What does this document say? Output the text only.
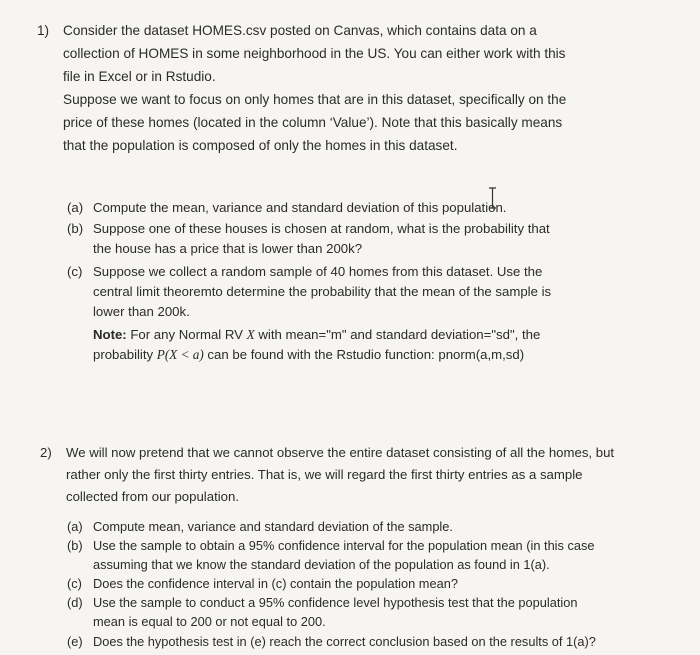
1) Consider the dataset HOMES.csv posted on Canvas, which contains data on a
collection of HOMES in some neighborhood in the US. You can either work with this
file in Excel or in Rstudio.
Suppose we want to focus on only homes that are in this dataset, specifically on the
price of these homes (located in the column ‘Value’). Note that this basically means
that the population is composed of only the homes in this dataset.
(a) Compute the mean, variance and standard deviation of this population.
(b) Suppose one of these houses is chosen at random, what is the probability that
the house has a price that is lower than 200k?
(c) Suppose we collect a random sample of 40 homes from this dataset. Use the
central limit theoremto determine the probability that the mean of the sample is
lower than 200k.
Note: For any Normal RV X with mean="m" and standard deviation="sd", the
probability P(X < a) can be found with the Rstudio function: pnorm(a,m,sd)
2) We will now pretend that we cannot observe the entire dataset consisting of all the homes, but
rather only the first thirty entries. That is, we will regard the first thirty entries as a sample
collected from our population.
(a) Compute mean, variance and standard deviation of the sample.
(b) Use the sample to obtain a 95% confidence interval for the population mean (in this case
assuming that we know the standard deviation of the population as found in 1(a).
(c) Does the confidence interval in (c) contain the population mean?
(d) Use the sample to conduct a 95% confidence level hypothesis test that the population
mean is equal to 200 or not equal to 200.
(e) Does the hypothesis test in (e) reach the correct conclusion based on the results of 1(a)?
